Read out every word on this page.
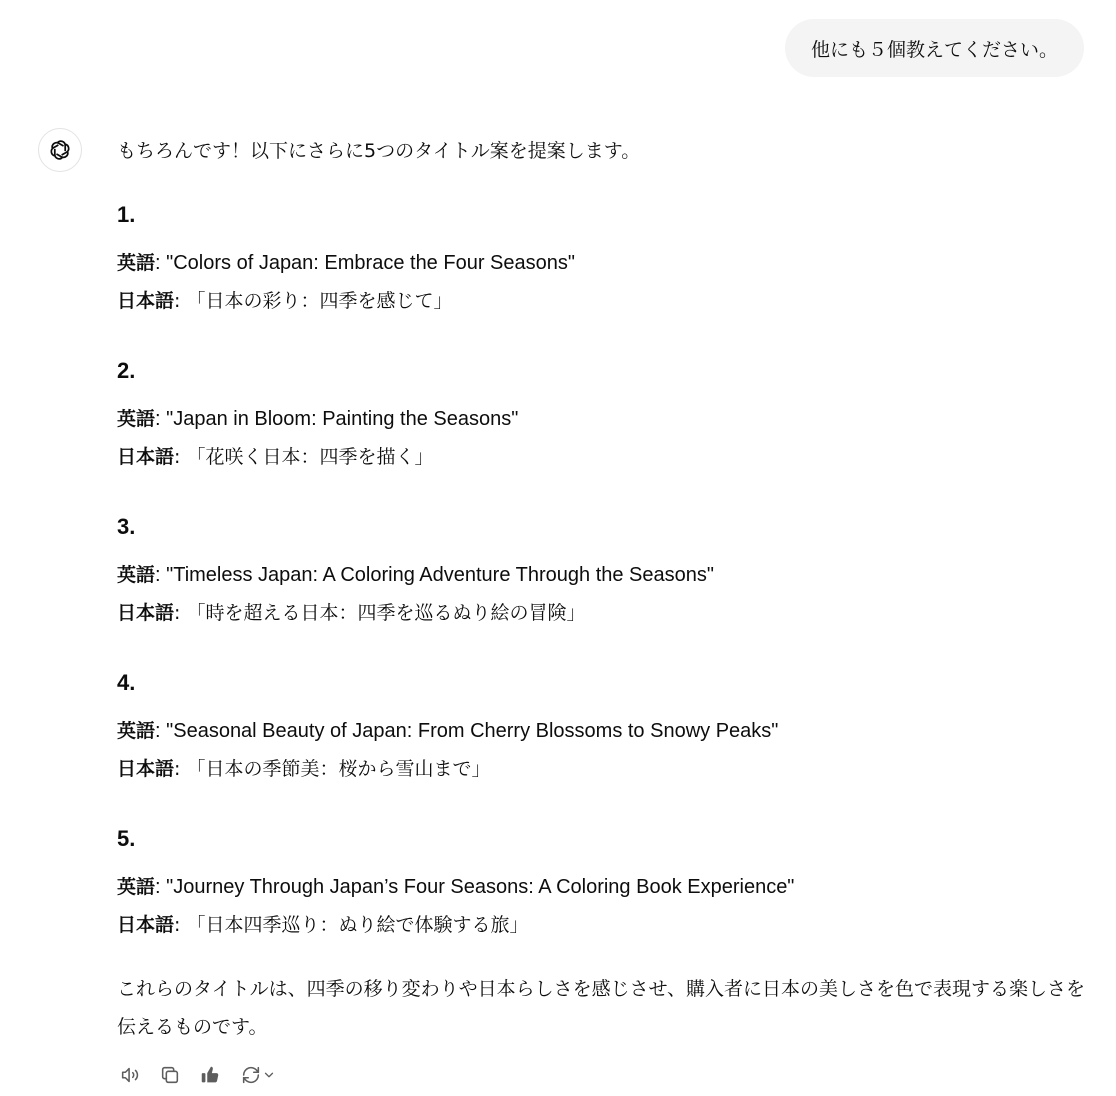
他にも５個教えてください。

もちろんです！以下にさらに5つのタイトル案を提案します。

1.

英語: "Colors of Japan: Embrace the Four Seasons"

日本語: 「日本の彩り：四季を感じて」

2.

英語: "Japan in Bloom: Painting the Seasons"

日本語: 「花咲く日本：四季を描く」

3.

英語: "Timeless Japan: A Coloring Adventure Through the Seasons"

日本語: 「時を超える日本：四季を巡るぬり絵の冒険」

4.

英語: "Seasonal Beauty of Japan: From Cherry Blossoms to Snowy Peaks"

日本語: 「日本の季節美：桜から雪山まで」

5.

英語: "Journey Through Japan’s Four Seasons: A Coloring Book Experience"

日本語: 「日本四季巡り：ぬり絵で体験する旅」

これらのタイトルは、四季の移り変わりや日本らしさを感じさせ、購入者に日本の美しさを色で表現する楽しさを伝えるものです。
